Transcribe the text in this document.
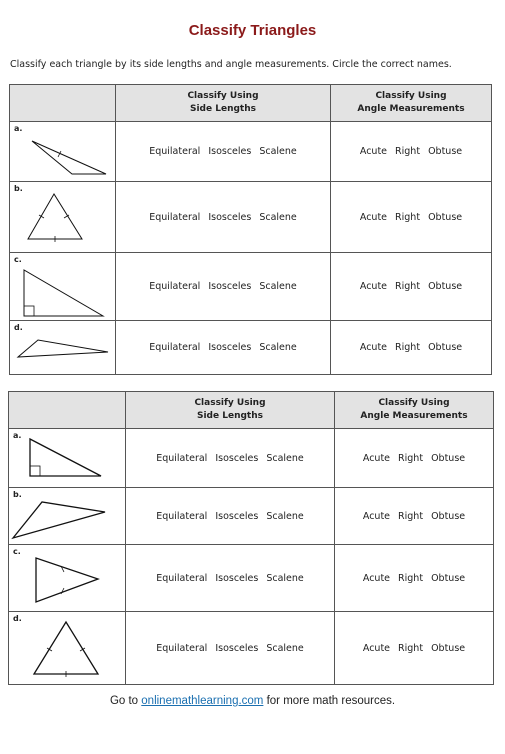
Classify Triangles
Classify each triangle by its side lengths and angle measurements. Circle the correct names.
	Classify Using
Side Lengths	Classify Using
Angle Measurements

a.	Equilateral Isosceles Scalene	Acute Right Obtuse

b.	Equilateral Isosceles Scalene	Acute Right Obtuse

c.	Equilateral Isosceles Scalene	Acute Right Obtuse

d.	Equilateral Isosceles Scalene	Acute Right Obtuse
	Classify Using
Side Lengths	Classify Using
Angle Measurements

a.	Equilateral Isosceles Scalene	Acute Right Obtuse

b.	Equilateral Isosceles Scalene	Acute Right Obtuse

c.	Equilateral Isosceles Scalene	Acute Right Obtuse

d.	Equilateral Isosceles Scalene	Acute Right Obtuse
Go to onlinemathlearning.com for more math resources.
